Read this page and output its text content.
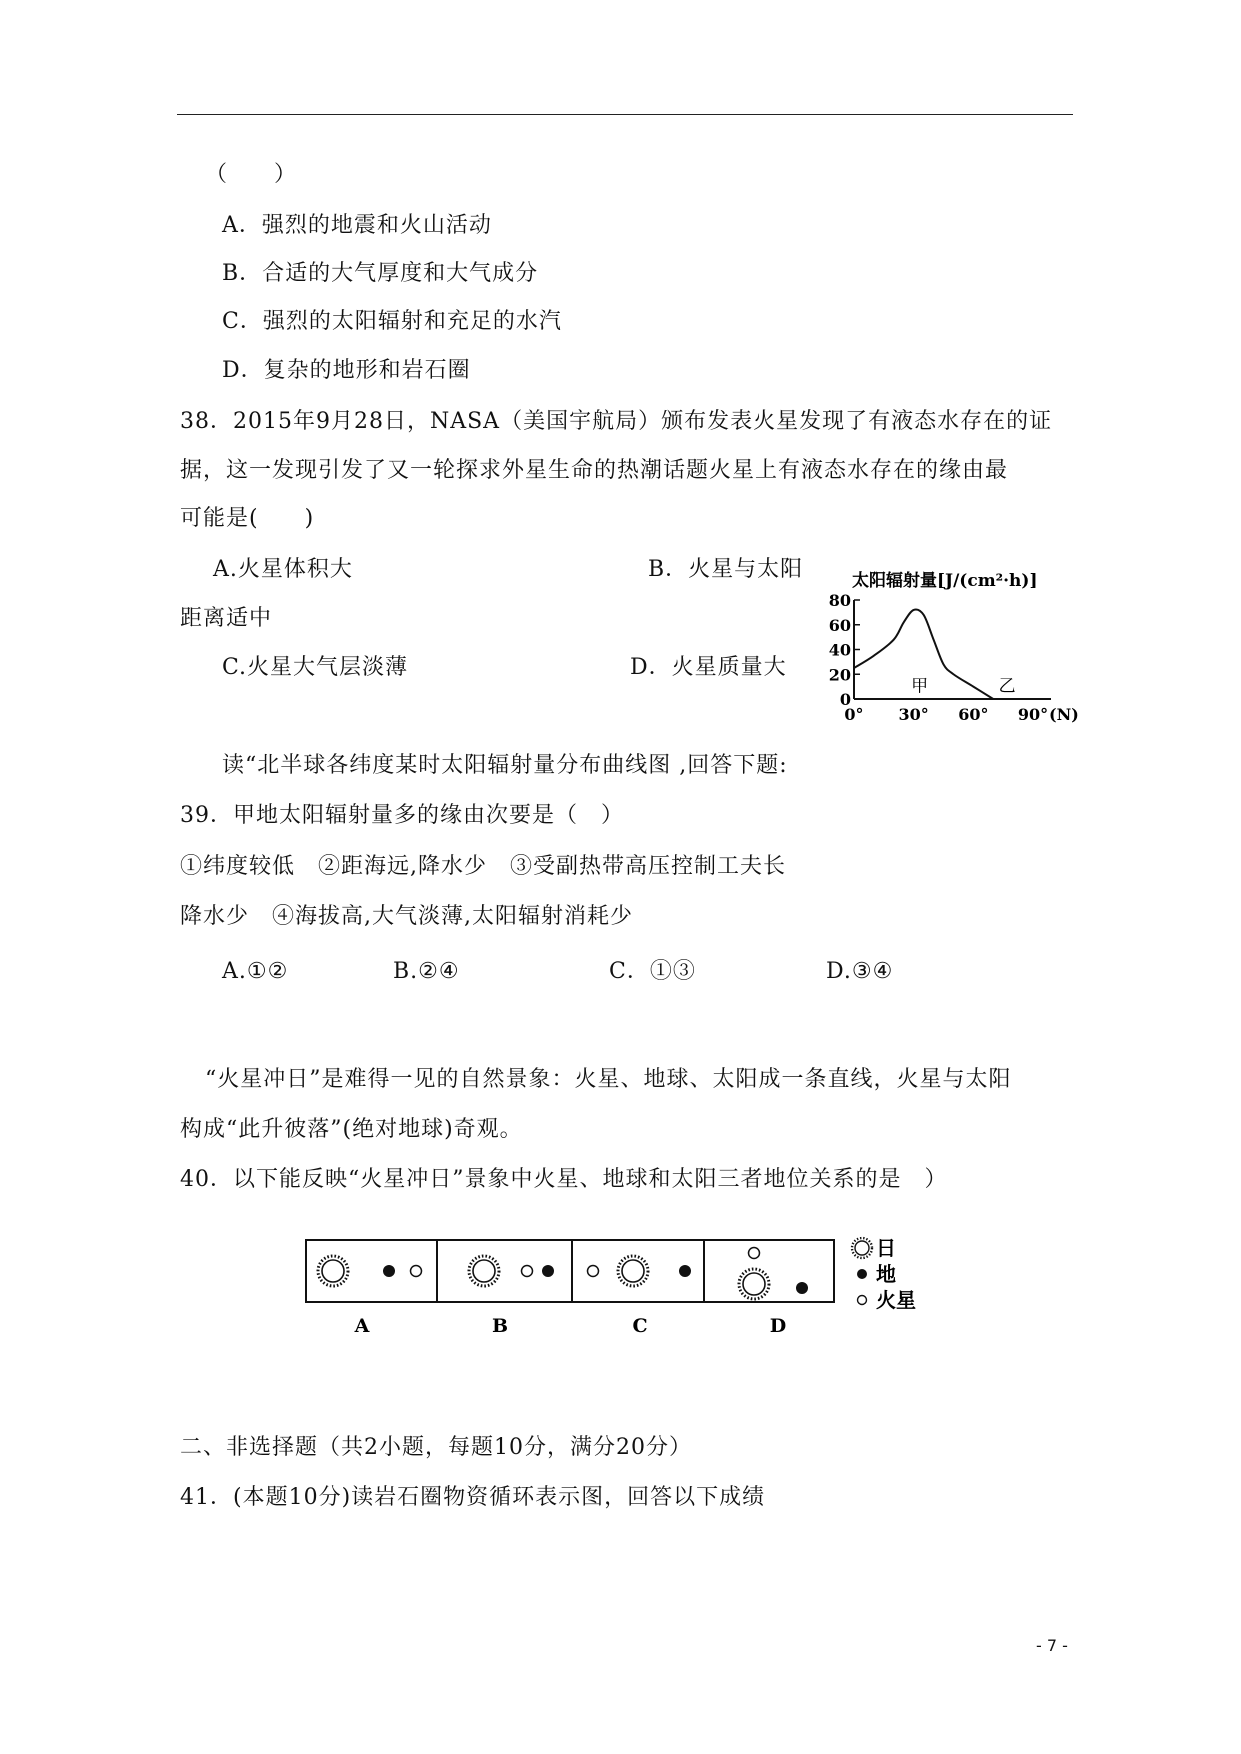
（　　）
A．强烈的地震和火山活动
B．合适的大气厚度和大气成分
C．强烈的太阳辐射和充足的水汽
D．复杂的地形和岩石圈
38．2015年9月28日，NASA（美国宇航局）颁布发表火星发现了有液态水存在的证
据，这一发现引发了又一轮探求外星生命的热潮话题火星上有液态水存在的缘由最
可能是(　　)
A.火星体积大	B．火星与太阳
距离适中
C.火星大气层淡薄	D．火星质量大
太阳辐射量[J/(cm²·h)]
0
20
40
60
80
0° 30° 60° 90° (N)
甲	乙
读“北半球各纬度某时太阳辐射量分布曲线图 ,回答下题:
39．甲地太阳辐射量多的缘由次要是（　）
①纬度较低　②距海远,降水少　③受副热带高压控制工夫长
降水少　④海拔高,大气淡薄,太阳辐射消耗少
A.①②	B.②④	C．①③	D.③④
“火星冲日”是难得一见的自然景象：火星、地球、太阳成一条直线，火星与太阳
构成“此升彼落”(绝对地球)奇观。
40．以下能反映“火星冲日”景象中火星、地球和太阳三者地位关系的是　）
A	B	C	D
日
地
火星
二、非选择题（共2小题，每题10分，满分20分）
41．(本题10分)读岩石圈物资循环表示图，回答以下成绩
- 7 -
